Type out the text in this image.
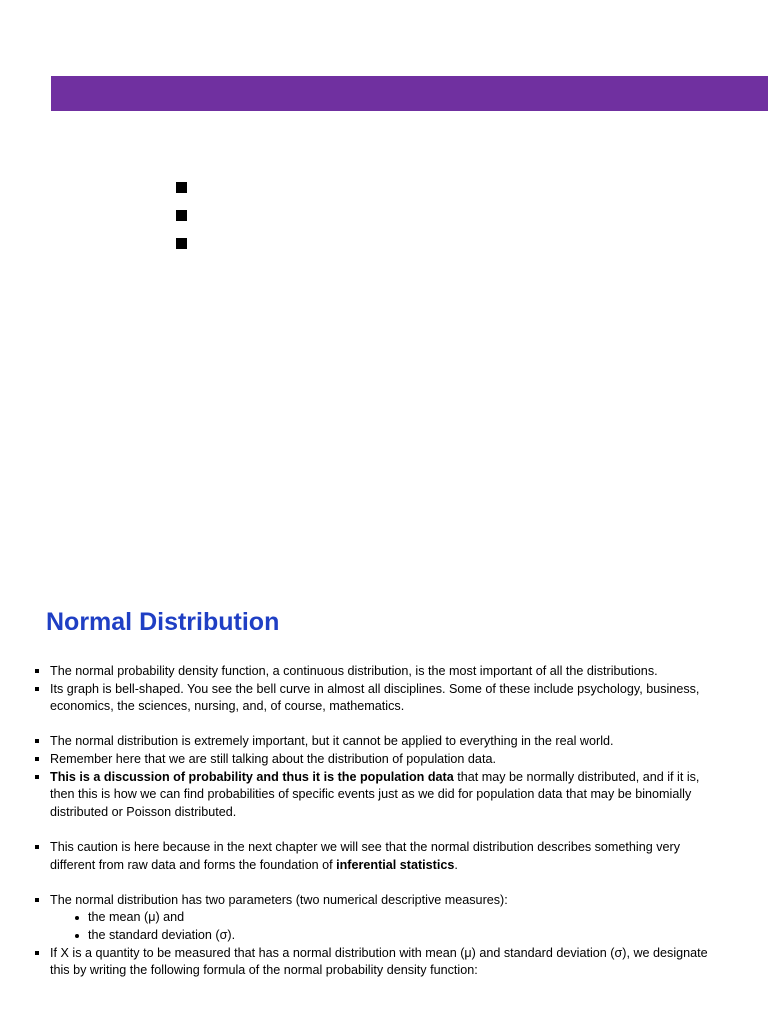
Normal Distribution
The normal probability density function, a continuous distribution, is the most important of all the distributions.
Its graph is bell-shaped. You see the bell curve in almost all disciplines. Some of these include psychology, business, economics, the sciences, nursing, and, of course, mathematics.
The normal distribution is extremely important, but it cannot be applied to everything in the real world.
Remember here that we are still talking about the distribution of population data.
This is a discussion of probability and thus it is the population data that may be normally distributed, and if it is, then this is how we can find probabilities of specific events just as we did for population data that may be binomially distributed or Poisson distributed.
This caution is here because in the next chapter we will see that the normal distribution describes something very different from raw data and forms the foundation of inferential statistics.
The normal distribution has two parameters (two numerical descriptive measures):
the mean (μ) and
the standard deviation (σ).
If X is a quantity to be measured that has a normal distribution with mean (μ) and standard deviation (σ), we designate this by writing the following formula of the normal probability density function:
